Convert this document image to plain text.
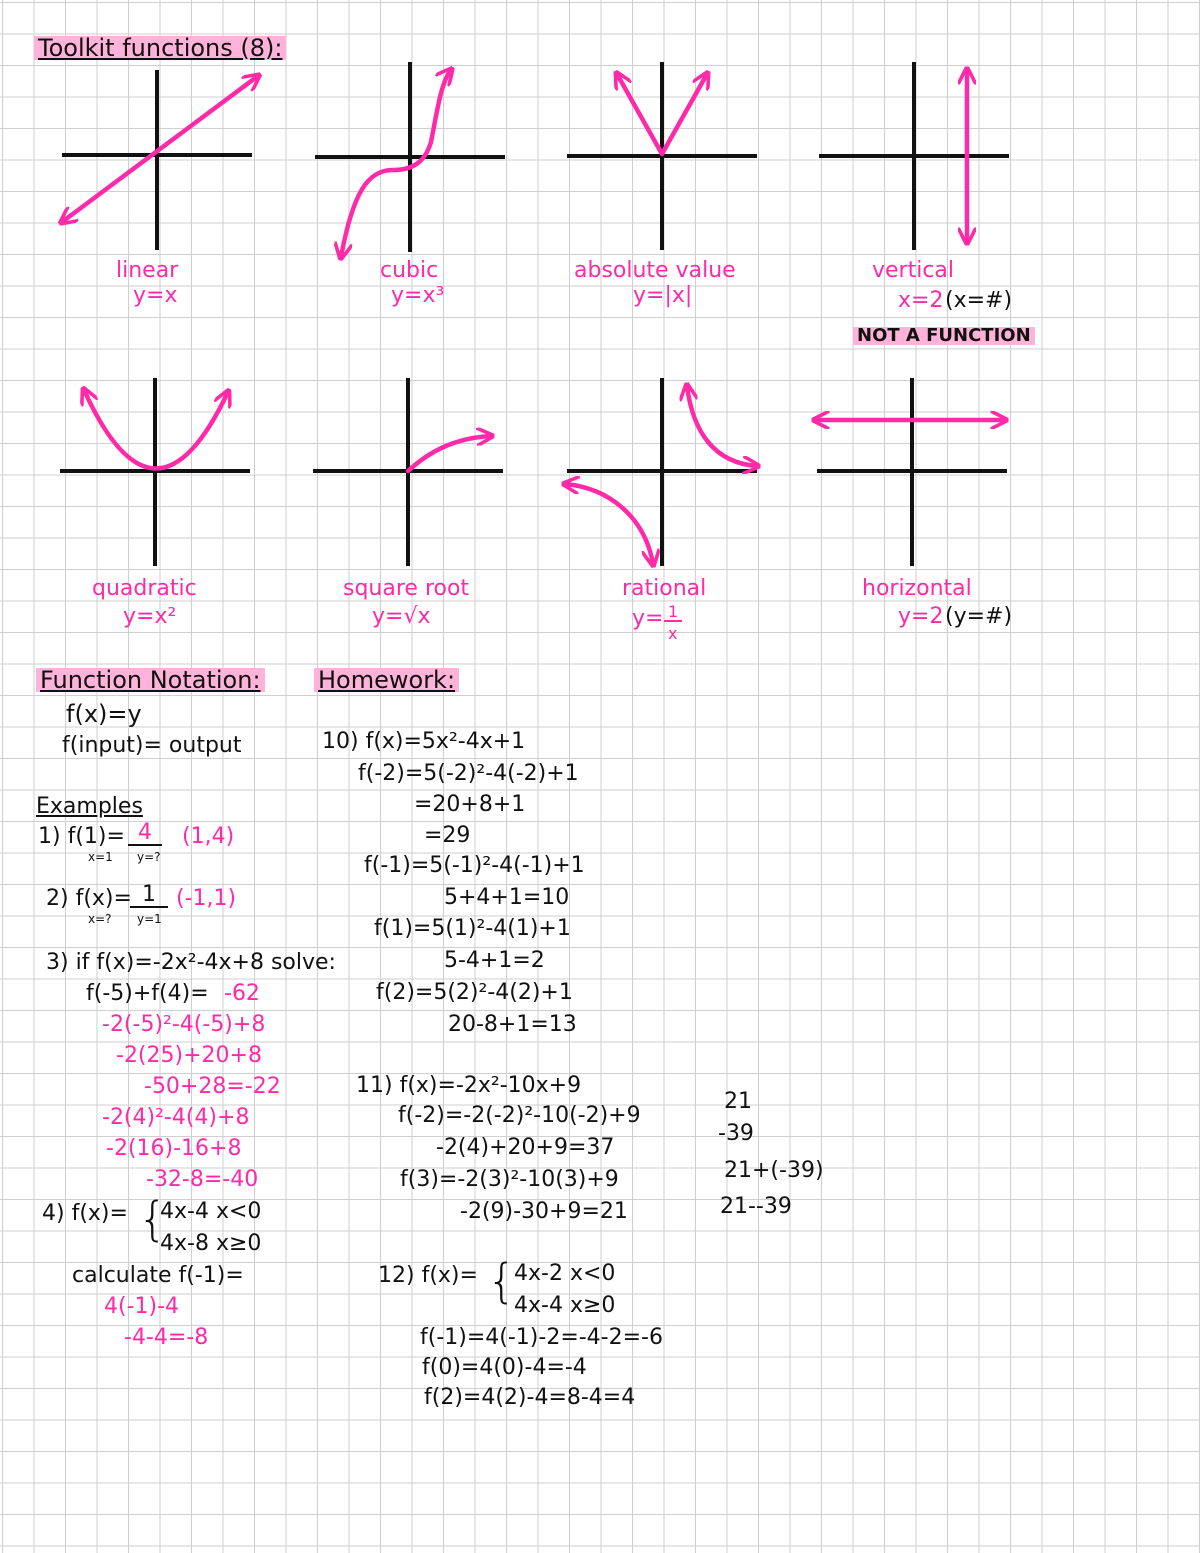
Toolkit functions (8):
linear
y=x
cubic
y=x³
absolute value
y=|x|
vertical
x=2 (x=#)
NOT A FUNCTION
quadratic
y=x²
square root
y=√x
rational
y= 1
x
horizontal
y=2 (y=#)
Function Notation:
f(x)=y
f(input)= output
Examples
1) f(1)= 4	(1,4)
x=1 y=?
2) f(x)= 1 (-1,1)
x=? y=1
3) if f(x)=-2x²-4x+8 solve:
f(-5)+f(4)= -62
-2(-5)²-4(-5)+8
-2(25)+20+8
-50+28=-22
-2(4)²-4(4)+8
-2(16)-16+8
-32-8=-40
4) f(x)= {
4x-4 x<0
4x-8 x≥0
calculate f(-1)=
4(-1)-4
-4-4=-8
Homework:
10) f(x)=5x²-4x+1
f(-2)=5(-2)²-4(-2)+1
=20+8+1
=29
f(-1)=5(-1)²-4(-1)+1
5+4+1=10
f(1)=5(1)²-4(1)+1
5-4+1=2
f(2)=5(2)²-4(2)+1
20-8+1=13
11) f(x)=-2x²-10x+9
f(-2)=-2(-2)²-10(-2)+9
-2(4)+20+9=37
f(3)=-2(3)²-10(3)+9
-2(9)-30+9=21
21
-39
21+(-39)
21--39
12) f(x)= {
4x-2 x<0
4x-4 x≥0
f(-1)=4(-1)-2=-4-2=-6
f(0)=4(0)-4=-4
f(2)=4(2)-4=8-4=4
